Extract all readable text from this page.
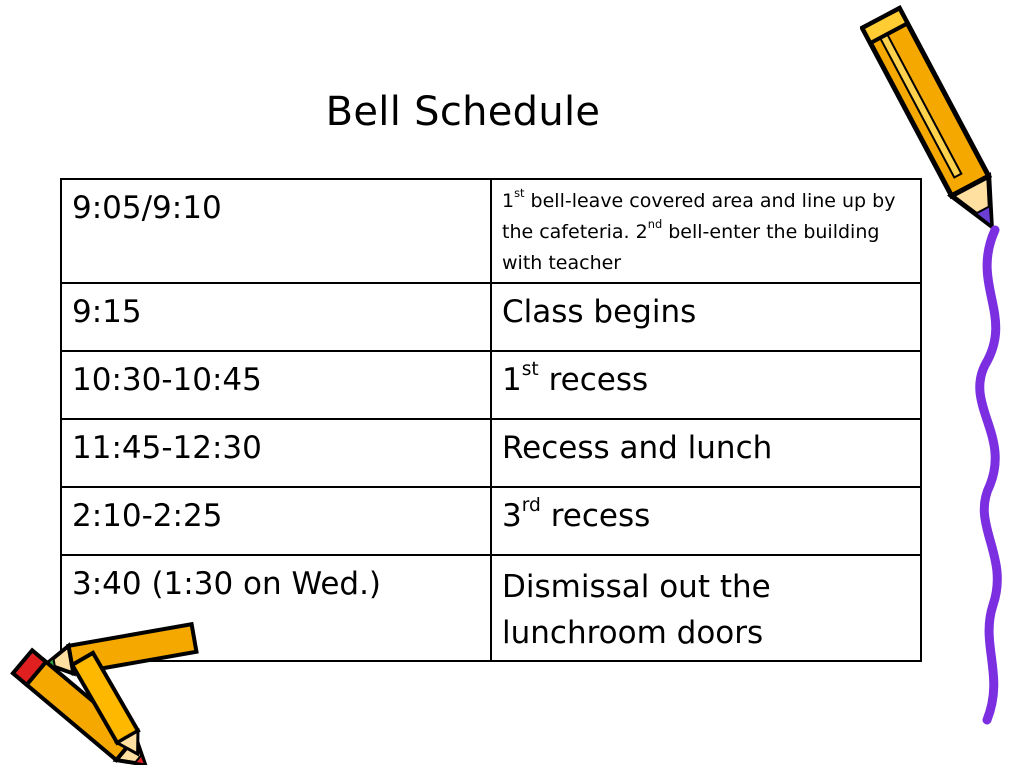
Bell Schedule
9:05/9:10	1st bell-leave covered area and line up by the cafeteria. 2nd bell-enter the building with teacher
9:15	Class begins
10:30-10:45	1st recess
11:45-12:30	Recess and lunch
2:10-2:25	3rd recess
3:40 (1:30 on Wed.)	Dismissal out the lunchroom doors
